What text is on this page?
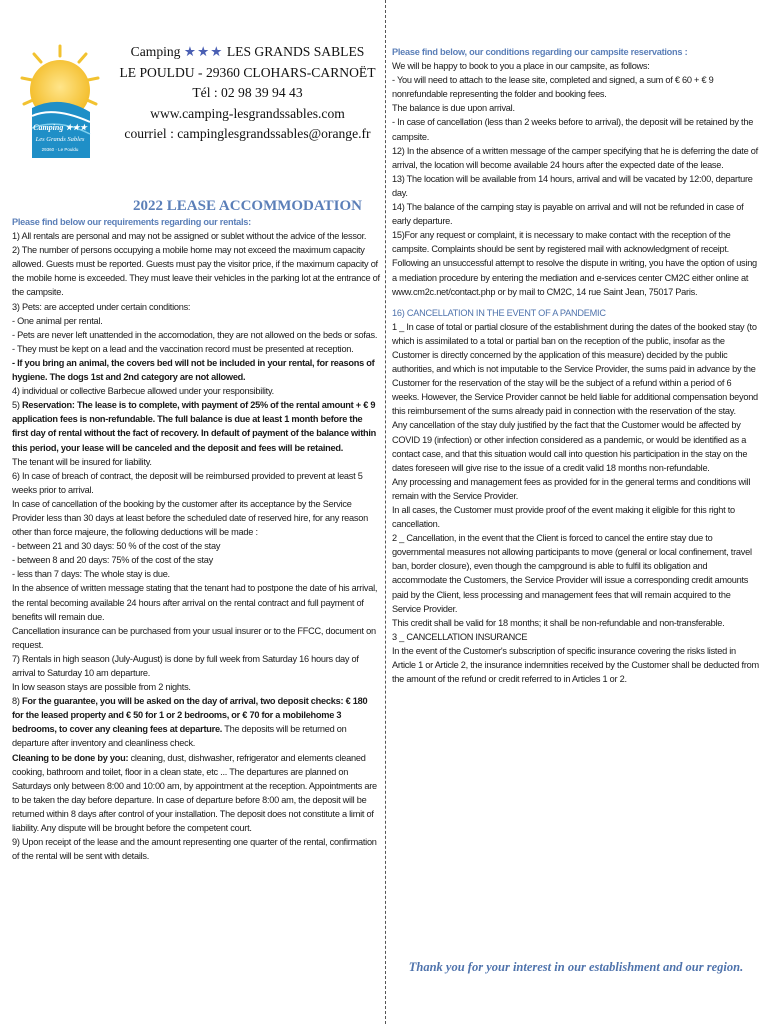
Camping ★★★
Les Grands Sables
29360 · Le Pouldu
Camping ★★★ LES GRANDS SABLES
LE POULDU - 29360 CLOHARS-CARNOËT
Tél : 02 98 39 94 43
www.camping-lesgrandssables.com
courriel : campinglesgrandssables@orange.fr
2022 LEASE ACCOMMODATION

Please find below our requirements regarding our rentals:

1) All rentals are personal and may not be assigned or sublet without the advice of the lessor.

2) The number of persons occupying a mobile home may not exceed the maximum capacity allowed. Guests must be reported. Guests must pay the visitor price, if the maximum capacity of the mobile home is exceeded. They must leave their vehicles in the parking lot at the entrance of the campsite.

3) Pets: are accepted under certain conditions:

- One animal per rental.

- Pets are never left unattended in the accomodation, they are not allowed on the beds or sofas.

- They must be kept on a lead and the vaccination record must be presented at reception.

- If you bring an animal, the covers bed will not be included in your rental, for reasons of hygiene. The dogs 1st and 2nd category are not allowed.

4) individual or collective Barbecue allowed under your responsibility.

5) Reservation: The lease is to complete, with payment of 25% of the rental amount + € 9 application fees is non-refundable. The full balance is due at least 1 month before the first day of rental without the fact of recovery. In default of payment of the balance within this period, your lease will be canceled and the deposit and fees will be retained.

The tenant will be insured for liability.

6) In case of breach of contract, the deposit will be reimbursed provided to prevent at least 5 weeks prior to arrival.

In case of cancellation of the booking by the customer after its acceptance by the Service Provider less than 30 days at least before the scheduled date of reserved hire, for any reason other than force majeure, the following deductions will be made :

- between 21 and 30 days: 50 % of the cost of the stay

- between 8 and 20 days: 75% of the cost of the stay

- less than 7 days: The whole stay is due.

In the absence of written message stating that the tenant had to postpone the date of his arrival, the rental becoming available 24 hours after arrival on the rental contract and full payment of benefits will remain due.

Cancellation insurance can be purchased from your usual insurer or to the FFCC, document on request.

7) Rentals in high season (July-August) is done by full week from Saturday 16 hours day of arrival to Saturday 10 am departure.

In low season stays are possible from 2 nights.

8) For the guarantee, you will be asked on the day of arrival, two deposit checks: € 180 for the leased property and € 50 for 1 or 2 bedrooms, or € 70 for a mobilehome 3 bedrooms, to cover any cleaning fees at departure. The deposits will be returned on departure after inventory and cleanliness check.

Cleaning to be done by you: cleaning, dust, dishwasher, refrigerator and elements cleaned cooking, bathroom and toilet, floor in a clean state, etc ... The departures are planned on Saturdays only between 8:00 and 10:00 am, by appointment at the reception. Appointments are to be taken the day before departure. In case of departure before 8:00 am, the deposit will be returned within 8 days after control of your installation. The deposit does not constitute a limit of liability. Any dispute will be brought before the competent court.

9) Upon receipt of the lease and the amount representing one quarter of the rental, confirmation of the rental will be sent with details.

Please find below, our conditions regarding our campsite reservations :

We will be happy to book to you a place in our campsite, as follows:

- You will need to attach to the lease site, completed and signed, a sum of € 60 + € 9 nonrefundable representing the folder and booking fees.

The balance is due upon arrival.

- In case of cancellation (less than 2 weeks before to arrival), the deposit will be retained by the campsite.

12) In the absence of a written message of the camper specifying that he is deferring the date of arrival, the location will become available 24 hours after the expected date of the lease.

13) The location will be available from 14 hours, arrival and will be vacated by 12:00, departure day.

14) The balance of the camping stay is payable on arrival and will not be refunded in case of early departure.

15)For any request or complaint, it is necessary to make contact with the reception of the campsite. Complaints should be sent by registered mail with acknowledgment of receipt. Following an unsuccessful attempt to resolve the dispute in writing, you have the option of using a mediation procedure by entering the mediation and e-services center CM2C either online at www.cm2c.net/contact.php or by mail to CM2C, 14 rue Saint Jean, 75017 Paris.

16) CANCELLATION IN THE EVENT OF A PANDEMIC

1 _ In case of total or partial closure of the establishment during the dates of the booked stay (to which is assimilated to a total or partial ban on the reception of the public, insofar as the Customer is directly concerned by the application of this measure) decided by the public authorities, and which is not imputable to the Service Provider, the sums paid in advance by the Customer for the reservation of the stay will be the subject of a refund within a period of 6 weeks. However, the Service Provider cannot be held liable for additional compensation beyond this reimbursement of the sums already paid in connection with the reservation of the stay.

Any cancellation of the stay duly justified by the fact that the Customer would be affected by COVID 19 (infection) or other infection considered as a pandemic, or would be identified as a contact case, and that this situation would call into question his participation in the stay on the dates foreseen will give rise to the issue of a credit valid 18 months non-refundable.

Any processing and management fees as provided for in the general terms and conditions will remain with the Service Provider.

In all cases, the Customer must provide proof of the event making it eligible for this right to cancellation.

2 _ Cancellation, in the event that the Client is forced to cancel the entire stay due to governmental measures not allowing participants to move (general or local confinement, travel ban, border closure), even though the campground is able to fulfil its obligation and accommodate the Customers, the Service Provider will issue a corresponding credit amounts paid by the Client, less processing and management fees that will remain acquired to the Service Provider.

This credit shall be valid for 18 months; it shall be non-refundable and non-transferable.

3 _ CANCELLATION INSURANCE

In the event of the Customer's subscription of specific insurance covering the risks listed in Article 1 or Article 2, the insurance indemnities received by the Customer shall be deducted from the amount of the refund or credit referred to in Articles 1 or 2.

Thank you for your interest in our establishment and our region.
